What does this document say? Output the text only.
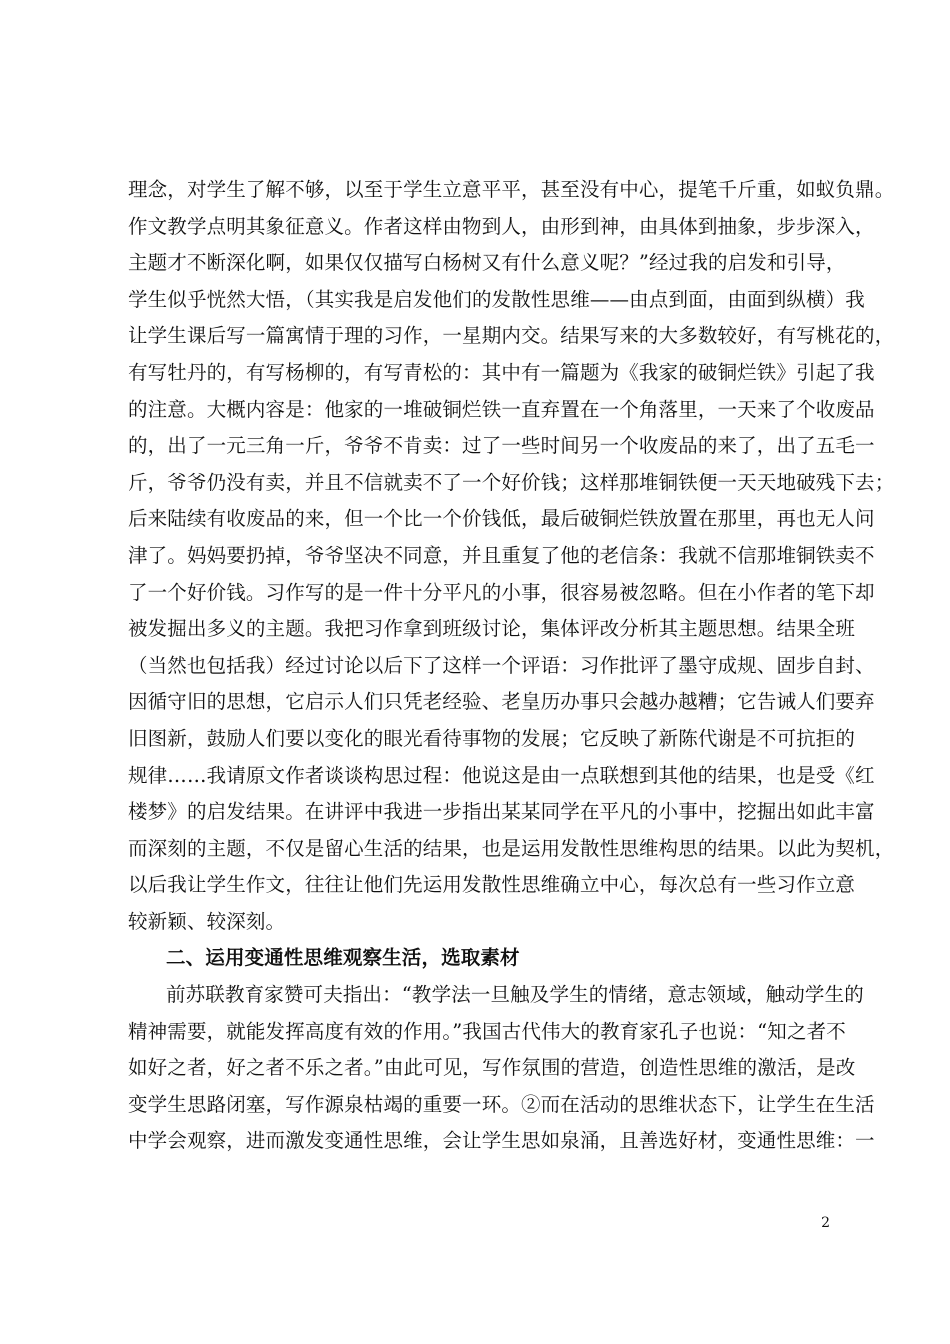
理念，对学生了解不够，以至于学生立意平平，甚至没有中心，提笔千斤重，如蚁负鼎。
作文教学点明其象征意义。作者这样由物到人，由形到神，由具体到抽象，步步深入，
主题才不断深化啊，如果仅仅描写白杨树又有什么意义呢？”经过我的启发和引导，
学生似乎恍然大悟，（其实我是启发他们的发散性思维——由点到面，由面到纵横）我
让学生课后写一篇寓情于理的习作，一星期内交。结果写来的大多数较好，有写桃花的，
有写牡丹的，有写杨柳的，有写青松的：其中有一篇题为《我家的破铜烂铁》引起了我
的注意。大概内容是：他家的一堆破铜烂铁一直弃置在一个角落里，一天来了个收废品
的，出了一元三角一斤，爷爷不肯卖：过了一些时间另一个收废品的来了，出了五毛一
斤，爷爷仍没有卖，并且不信就卖不了一个好价钱；这样那堆铜铁便一天天地破残下去；
后来陆续有收废品的来，但一个比一个价钱低，最后破铜烂铁放置在那里，再也无人问
津了。妈妈要扔掉，爷爷坚决不同意，并且重复了他的老信条：我就不信那堆铜铁卖不
了一个好价钱。习作写的是一件十分平凡的小事，很容易被忽略。但在小作者的笔下却
被发掘出多义的主题。我把习作拿到班级讨论，集体评改分析其主题思想。结果全班
（当然也包括我）经过讨论以后下了这样一个评语：习作批评了墨守成规、固步自封、
因循守旧的思想，它启示人们只凭老经验、老皇历办事只会越办越糟；它告诫人们要弃
旧图新，鼓励人们要以变化的眼光看待事物的发展；它反映了新陈代谢是不可抗拒的
规律……我请原文作者谈谈构思过程：他说这是由一点联想到其他的结果，也是受《红
楼梦》的启发结果。在讲评中我进一步指出某某同学在平凡的小事中，挖掘出如此丰富
而深刻的主题，不仅是留心生活的结果，也是运用发散性思维构思的结果。以此为契机，
以后我让学生作文，往往让他们先运用发散性思维确立中心，每次总有一些习作立意
较新颖、较深刻。
二、运用变通性思维观察生活，选取素材
前苏联教育家赞可夫指出：“教学法一旦触及学生的情绪，意志领域，触动学生的
精神需要，就能发挥高度有效的作用。”我国古代伟大的教育家孔子也说：“知之者不
如好之者，好之者不乐之者。”由此可见，写作氛围的营造，创造性思维的激活，是改
变学生思路闭塞，写作源泉枯竭的重要一环。②而在活动的思维状态下，让学生在生活
中学会观察，进而激发变通性思维，会让学生思如泉涌，且善选好材，变通性思维：一
2
